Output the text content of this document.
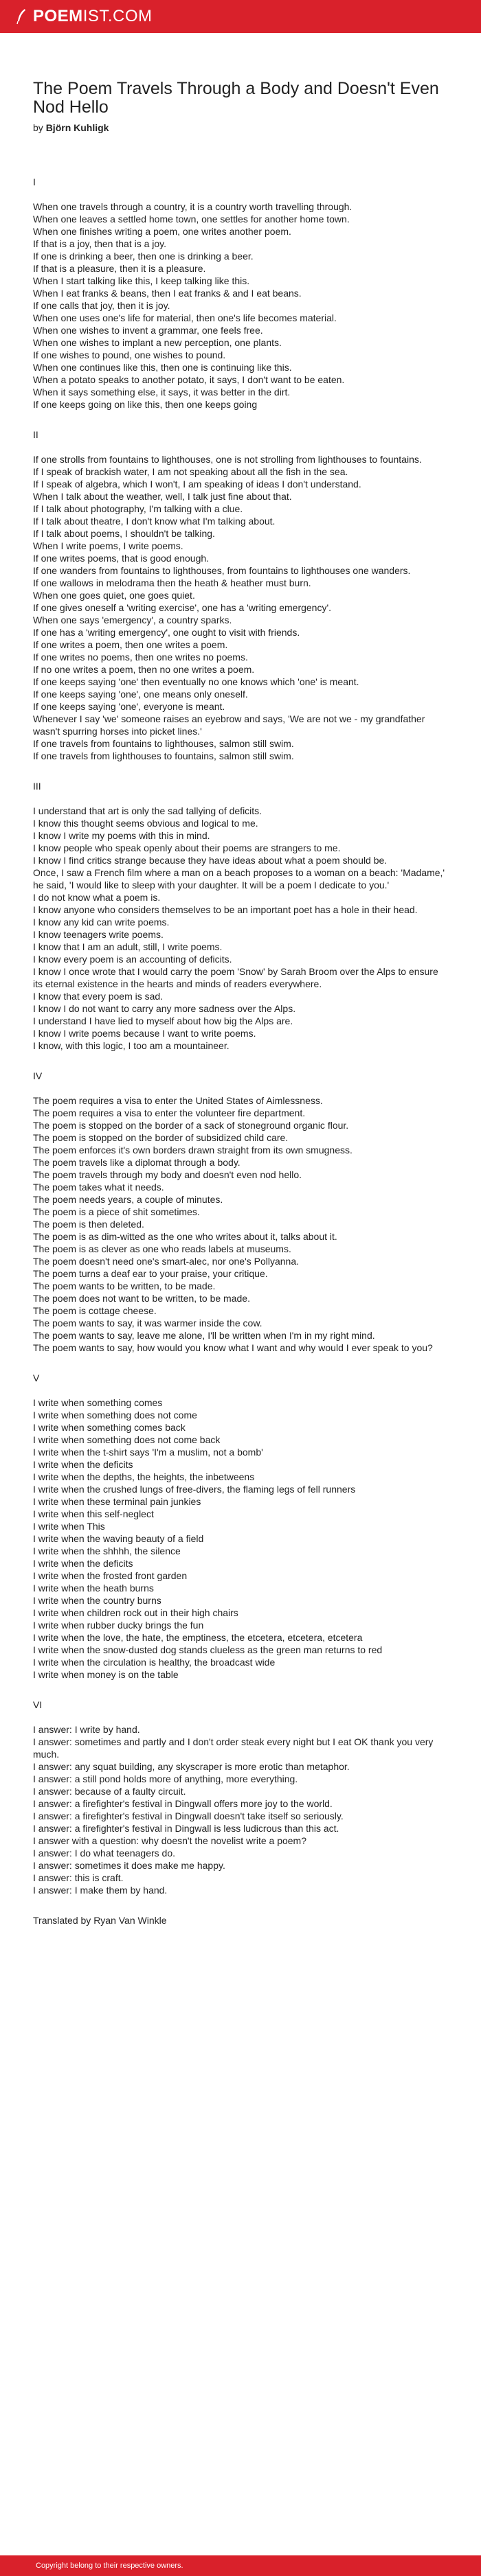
POEMIST.COM
The Poem Travels Through a Body and Doesn't Even Nod Hello

by Björn Kuhligk

I

When one travels through a country, it is a country worth travelling through.

When one leaves a settled home town, one settles for another home town.

When one finishes writing a poem, one writes another poem.

If that is a joy, then that is a joy.

If one is drinking a beer, then one is drinking a beer.

If that is a pleasure, then it is a pleasure.

When I start talking like this, I keep talking like this.

When I eat franks & beans, then I eat franks & and I eat beans.

If one calls that joy, then it is joy.

When one uses one's life for material, then one's life becomes material.

When one wishes to invent a grammar, one feels free.

When one wishes to implant a new perception, one plants.

If one wishes to pound, one wishes to pound.

When one continues like this, then one is continuing like this.

When a potato speaks to another potato, it says, I don't want to be eaten.

When it says something else, it says, it was better in the dirt.

If one keeps going on like this, then one keeps going

II

If one strolls from fountains to lighthouses, one is not strolling from lighthouses to fountains.

If I speak of brackish water, I am not speaking about all the fish in the sea.

If I speak of algebra, which I won't, I am speaking of ideas I don't understand.

When I talk about the weather, well, I talk just fine about that.

If I talk about photography, I'm talking with a clue.

If I talk about theatre, I don't know what I'm talking about.

If I talk about poems, I shouldn't be talking.

When I write poems, I write poems.

If one writes poems, that is good enough.

If one wanders from fountains to lighthouses, from fountains to lighthouses one wanders.

If one wallows in melodrama then the heath & heather must burn.

When one goes quiet, one goes quiet.

If one gives oneself a 'writing exercise', one has a 'writing emergency'.

When one says 'emergency', a country sparks.

If one has a 'writing emergency', one ought to visit with friends.

If one writes a poem, then one writes a poem.

If one writes no poems, then one writes no poems.

If no one writes a poem, then no one writes a poem.

If one keeps saying 'one' then eventually no one knows which 'one' is meant.

If one keeps saying 'one', one means only oneself.

If one keeps saying 'one', everyone is meant.

Whenever I say 'we' someone raises an eyebrow and says, 'We are not we - my grandfather wasn't spurring horses into picket lines.'

If one travels from fountains to lighthouses, salmon still swim.

If one travels from lighthouses to fountains, salmon still swim.

III

I understand that art is only the sad tallying of deficits.

I know this thought seems obvious and logical to me.

I know I write my poems with this in mind.

I know people who speak openly about their poems are strangers to me.

I know I find critics strange because they have ideas about what a poem should be.

Once, I saw a French film where a man on a beach proposes to a woman on a beach: 'Madame,' he said, 'I would like to sleep with your daughter. It will be a poem I dedicate to you.'

I do not know what a poem is.

I know anyone who considers themselves to be an important poet has a hole in their head.

I know any kid can write poems.

I know teenagers write poems.

I know that I am an adult, still, I write poems.

I know every poem is an accounting of deficits.

I know I once wrote that I would carry the poem 'Snow' by Sarah Broom over the Alps to ensure its eternal existence in the hearts and minds of readers everywhere.

I know that every poem is sad.

I know I do not want to carry any more sadness over the Alps.

I understand I have lied to myself about how big the Alps are.

I know I write poems because I want to write poems.

I know, with this logic, I too am a mountaineer.

IV

The poem requires a visa to enter the United States of Aimlessness.

The poem requires a visa to enter the volunteer fire department.

The poem is stopped on the border of a sack of stoneground organic flour.

The poem is stopped on the border of subsidized child care.

The poem enforces it's own borders drawn straight from its own smugness.

The poem travels like a diplomat through a body.

The poem travels through my body and doesn't even nod hello.

The poem takes what it needs.

The poem needs years, a couple of minutes.

The poem is a piece of shit sometimes.

The poem is then deleted.

The poem is as dim-witted as the one who writes about it, talks about it.

The poem is as clever as one who reads labels at museums.

The poem doesn't need one's smart-alec, nor one's Pollyanna.

The poem turns a deaf ear to your praise, your critique.

The poem wants to be written, to be made.

The poem does not want to be written, to be made.

The poem is cottage cheese.

The poem wants to say, it was warmer inside the cow.

The poem wants to say, leave me alone, I'll be written when I'm in my right mind.

The poem wants to say, how would you know what I want and why would I ever speak to you?

V

I write when something comes

I write when something does not come

I write when something comes back

I write when something does not come back

I write when the t-shirt says 'I'm a muslim, not a bomb'

I write when the deficits

I write when the depths, the heights, the inbetweens

I write when the crushed lungs of free-divers, the flaming legs of fell runners

I write when these terminal pain junkies

I write when this self-neglect

I write when This

I write when the waving beauty of a field

I write when the shhhh, the silence

I write when the deficits

I write when the frosted front garden

I write when the heath burns

I write when the country burns

I write when children rock out in their high chairs

I write when rubber ducky brings the fun

I write when the love, the hate, the emptiness, the etcetera, etcetera, etcetera

I write when the snow-dusted dog stands clueless as the green man returns to red

I write when the circulation is healthy, the broadcast wide

I write when money is on the table

VI

I answer: I write by hand.

I answer: sometimes and partly and I don't order steak every night but I eat OK thank you very much.

I answer: any squat building, any skyscraper is more erotic than metaphor.

I answer: a still pond holds more of anything, more everything.

I answer: because of a faulty circuit.

I answer: a firefighter's festival in Dingwall offers more joy to the world.

I answer: a firefighter's festival in Dingwall doesn't take itself so seriously.

I answer: a firefighter's festival in Dingwall is less ludicrous than this act.

I answer with a question: why doesn't the novelist write a poem?

I answer: I do what teenagers do.

I answer: sometimes it does make me happy.

I answer: this is craft.

I answer: I make them by hand.

Translated by Ryan Van Winkle

Copyright belong to their respective owners.
